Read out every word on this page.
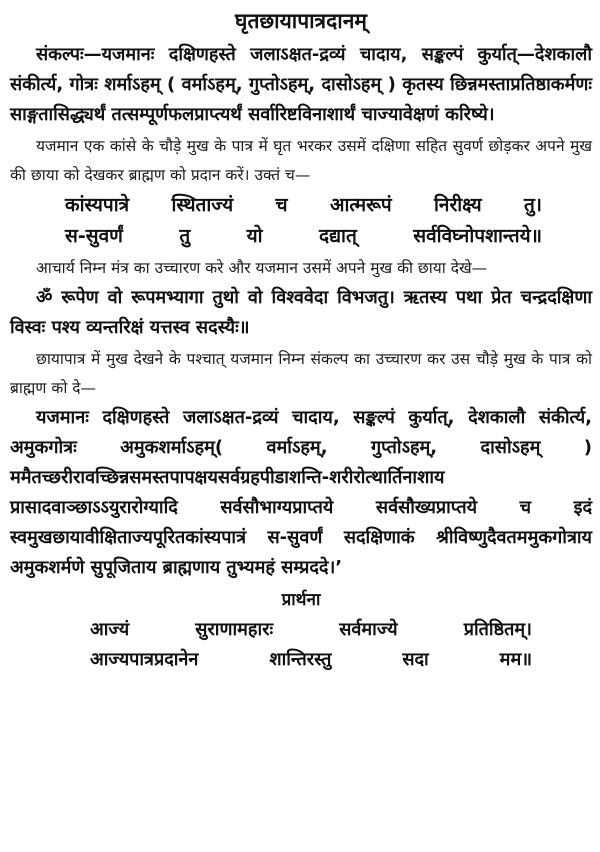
घृतछायापात्रदानम्

संकल्पः—यजमानः दक्षिणहस्ते जलाऽक्षत-द्रव्यं चादाय, सङ्कल्पं कुर्यात्—देशकालौ संकीर्त्य, गोत्रः शर्माऽहम् ( वर्माऽहम्, गुप्तोऽहम्, दासोऽहम् ) कृतस्य छिन्नमस्ताप्रतिष्ठाकर्मणः साङ्गतासिद्ध्यर्थं तत्सम्पूर्णफलप्राप्त्यर्थं सर्वारिष्टविनाशार्थं चाज्यावेक्षणं करिष्ये।

यजमान एक कांसे के चौड़े मुख के पात्र में घृत भरकर उसमें दक्षिणा सहित सुवर्ण छोड़कर अपने मुख की छाया को देखकर ब्राह्मण को प्रदान करें। उक्तं च—

कांस्यपात्रे स्थिताज्यं च आत्मरूपं निरीक्ष्य तु।

स-सुवर्णं तु यो दद्यात् सर्वविघ्नोपशान्तये॥

आचार्य निम्न मंत्र का उच्चारण करे और यजमान उसमें अपने मुख की छाया देखे—

ॐ रूपेण वो रूपमभ्यागा तुथो वो विश्ववेदा विभजतु। ऋतस्य पथा प्रेत चन्द्रदक्षिणा विस्वः पश्य व्यन्तरिक्षं यत्तस्व सदस्यैः॥

छायापात्र में मुख देखने के पश्चात् यजमान निम्न संकल्प का उच्चारण कर उस चौड़े मुख के पात्र को ब्राह्मण को दे—

यजमानः दक्षिणहस्ते जलाऽक्षत-द्रव्यं चादाय, सङ्कल्पं कुर्यात्, देशकालौ संकीर्त्य, अमुकगोत्रः अमुकशर्माऽहम्( वर्माऽहम्, गुप्तोऽहम्, दासोऽहम् ) ममैतच्छरीरावच्छिन्नसमस्तपापक्षयसर्वग्रहपीडाशन्ति-शरीरोत्थार्तिनाशाय प्रासादवाञ्छाऽऽयुरारोग्यादि सर्वसौभाग्यप्राप्तये सर्वसौख्यप्राप्तये च इदं स्वमुखछायावीक्षिताज्यपूरितकांस्यपात्रं स-सुवर्णं सदक्षिणाकं श्रीविष्णुदैवतममुकगोत्राय अमुकशर्मणे सुपूजिताय ब्राह्मणाय तुभ्यमहं सम्प्रददे।’

प्रार्थना

आज्यं सुराणामहारः सर्वमाज्ये प्रतिष्ठितम्।

आज्यपात्रप्रदानेन शान्तिरस्तु सदा मम॥
